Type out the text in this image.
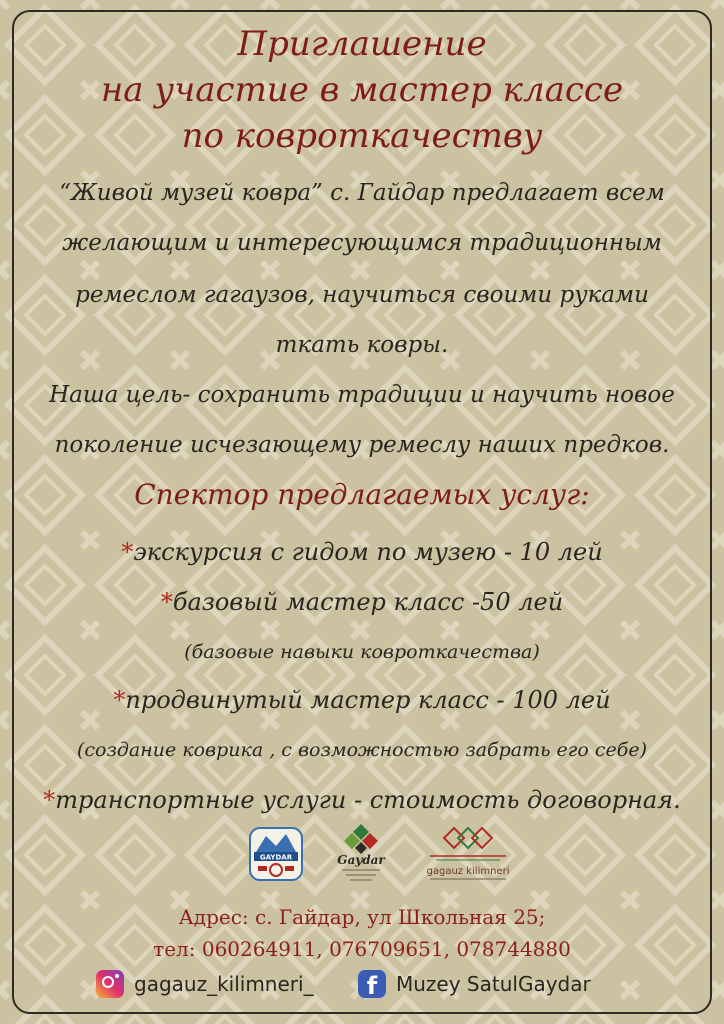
Приглашение
на участие в мастер классе
по ковроткачеству
“Живой музей ковра” с. Гайдар предлагает всем
желающим и интересующимся традиционным
ремеслом гагаузов, научиться своими руками
ткать ковры.
Наша цель- сохранить традиции и научить новое
поколение исчезающему ремеслу наших предков.
Спектор предлагаемых услуг:
*экскурсия с гидом по музею - 10 лей
*базовый мастер класс -50 лей
(базовые навыки ковроткачества)
*продвинутый мастер класс - 100 лей
(создание коврика , с возможностью забрать его себе)
*транспортные услуги - стоимость договорная.
GAYDAR	Gaydar
gagauz kilimneri
Адрес: с. Гайдар, ул Школьная 25;
тел: 060264911, 076709651, 078744880
gagauz_kilimneri_	f Muzey SatulGaydar
